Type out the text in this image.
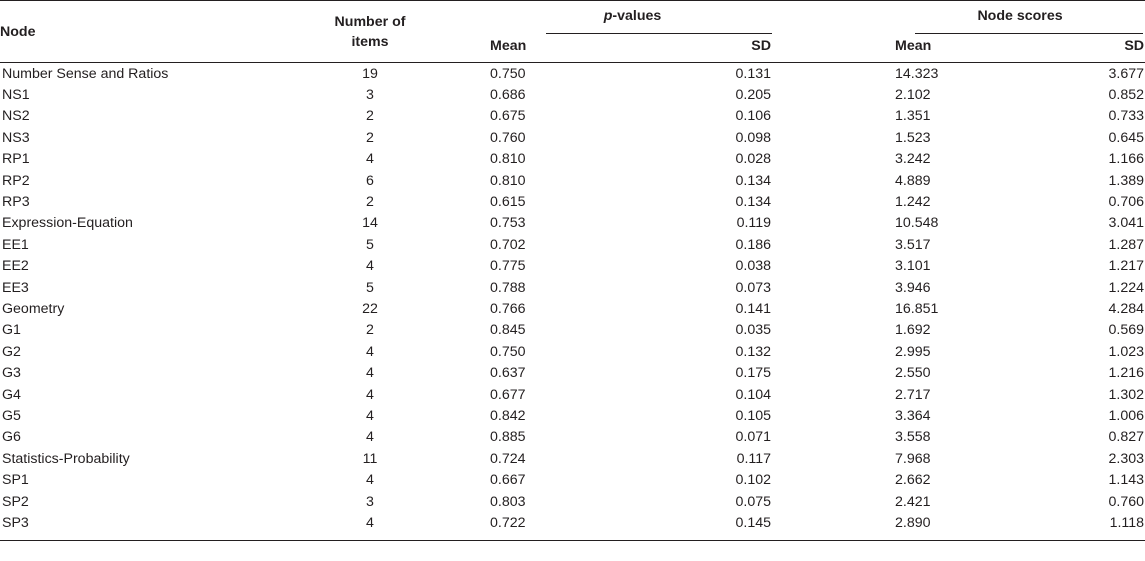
Node	Number of
items	p-values			Node scores	
		Mean	SD		Mean	SD
Number Sense and Ratios	19	0.750	0.131		14.323	3.677
NS1	3	0.686	0.205		2.102	0.852
NS2	2	0.675	0.106		1.351	0.733
NS3	2	0.760	0.098		1.523	0.645
RP1	4	0.810	0.028		3.242	1.166
RP2	6	0.810	0.134		4.889	1.389
RP3	2	0.615	0.134		1.242	0.706
Expression-Equation	14	0.753	0.119		10.548	3.041
EE1	5	0.702	0.186		3.517	1.287
EE2	4	0.775	0.038		3.101	1.217
EE3	5	0.788	0.073		3.946	1.224
Geometry	22	0.766	0.141		16.851	4.284
G1	2	0.845	0.035		1.692	0.569
G2	4	0.750	0.132		2.995	1.023
G3	4	0.637	0.175		2.550	1.216
G4	4	0.677	0.104		2.717	1.302
G5	4	0.842	0.105		3.364	1.006
G6	4	0.885	0.071		3.558	0.827
Statistics-Probability	11	0.724	0.117		7.968	2.303
SP1	4	0.667	0.102		2.662	1.143
SP2	3	0.803	0.075		2.421	0.760
SP3	4	0.722	0.145		2.890	1.118
